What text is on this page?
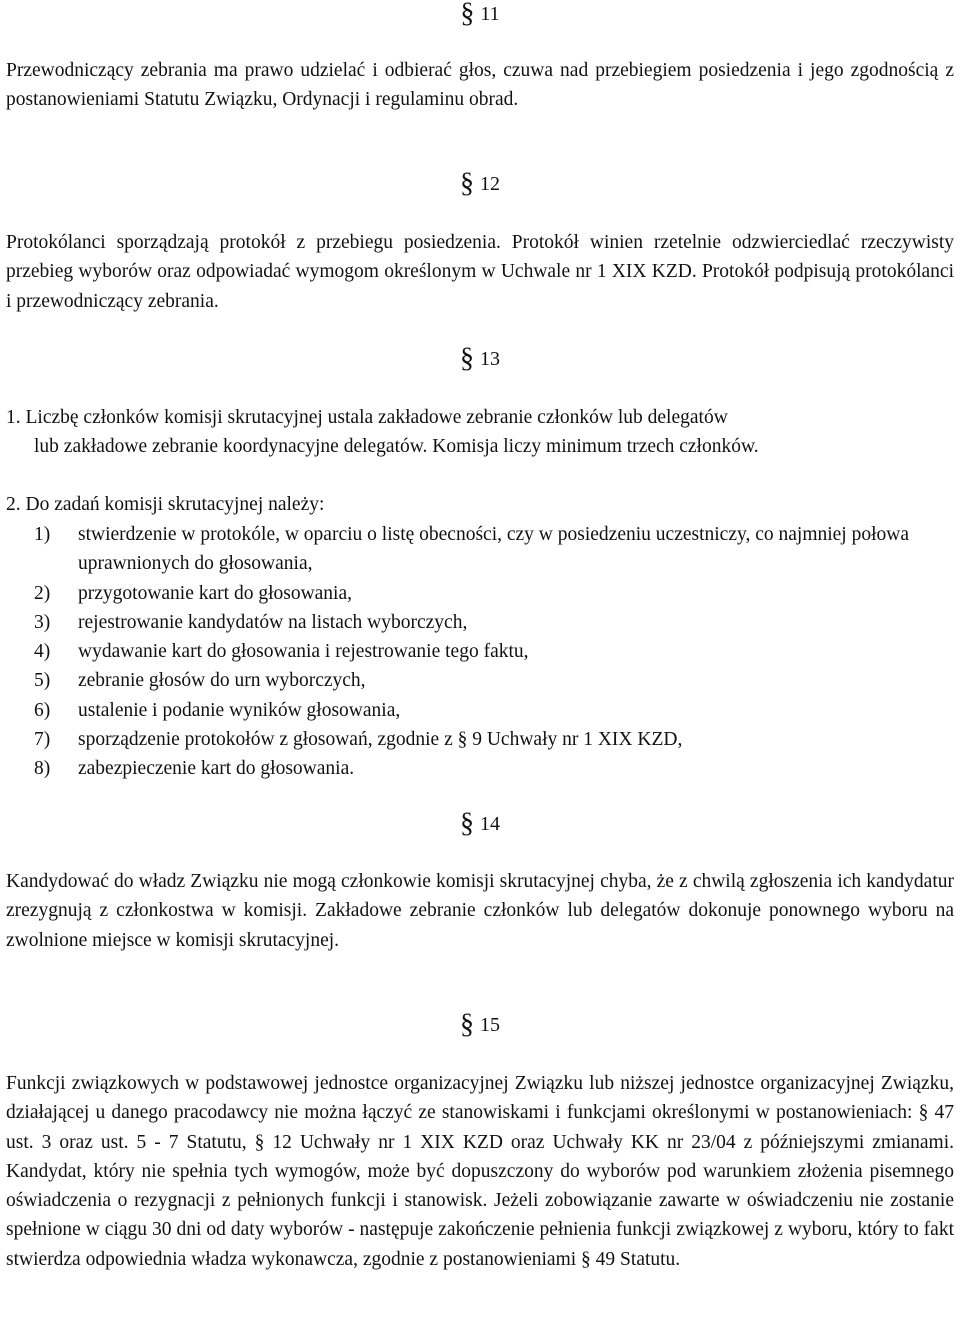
§ 11

Przewodniczący zebrania ma prawo udzielać i odbierać głos, czuwa nad przebiegiem posiedzenia i jego zgodnością z postanowieniami Statutu Związku, Ordynacji i regulaminu obrad.

§ 12

Protokólanci sporządzają protokół z przebiegu posiedzenia. Protokół winien rzetelnie odzwierciedlać rzeczywisty przebieg wyborów oraz odpowiadać wymogom określonym w Uchwale nr 1 XIX KZD. Protokół podpisują protokólanci i przewodniczący zebrania.

§ 13
1. Liczbę członków komisji skrutacyjnej ustala zakładowe zebranie członków lub delegatów
lub zakładowe zebranie koordynacyjne delegatów. Komisja liczy minimum trzech członków.
2. Do zadań komisji skrutacyjnej należy:
1) stwierdzenie w protokóle, w oparciu o listę obecności, czy w posiedzeniu uczestniczy, co najmniej połowa uprawnionych do głosowania,
2) przygotowanie kart do głosowania,
3) rejestrowanie kandydatów na listach wyborczych,
4) wydawanie kart do głosowania i rejestrowanie tego faktu,
5) zebranie głosów do urn wyborczych,
6) ustalenie i podanie wyników głosowania,
7) sporządzenie protokołów z głosowań, zgodnie z § 9 Uchwały nr 1 XIX KZD,
8) zabezpieczenie kart do głosowania.
§ 14

Kandydować do władz Związku nie mogą członkowie komisji skrutacyjnej chyba, że z chwilą zgłoszenia ich kandydatur zrezygnują z członkostwa w komisji. Zakładowe zebranie członków lub delegatów dokonuje ponownego wyboru na zwolnione miejsce w komisji skrutacyjnej.

§ 15

Funkcji związkowych w podstawowej jednostce organizacyjnej Związku lub niższej jednostce organizacyjnej Związku, działającej u danego pracodawcy nie można łączyć ze stanowiskami i funkcjami określonymi w postanowieniach: § 47 ust. 3 oraz ust. 5 - 7 Statutu, § 12 Uchwały nr 1 XIX KZD oraz Uchwały KK nr 23/04 z późniejszymi zmianami. Kandydat, który nie spełnia tych wymogów, może być dopuszczony do wyborów pod warunkiem złożenia pisemnego oświadczenia o rezygnacji z pełnionych funkcji i stanowisk. Jeżeli zobowiązanie zawarte w oświadczeniu nie zostanie spełnione w ciągu 30 dni od daty wyborów - następuje zakończenie pełnienia funkcji związkowej z wyboru, który to fakt stwierdza odpowiednia władza wykonawcza, zgodnie z postanowieniami § 49 Statutu.
